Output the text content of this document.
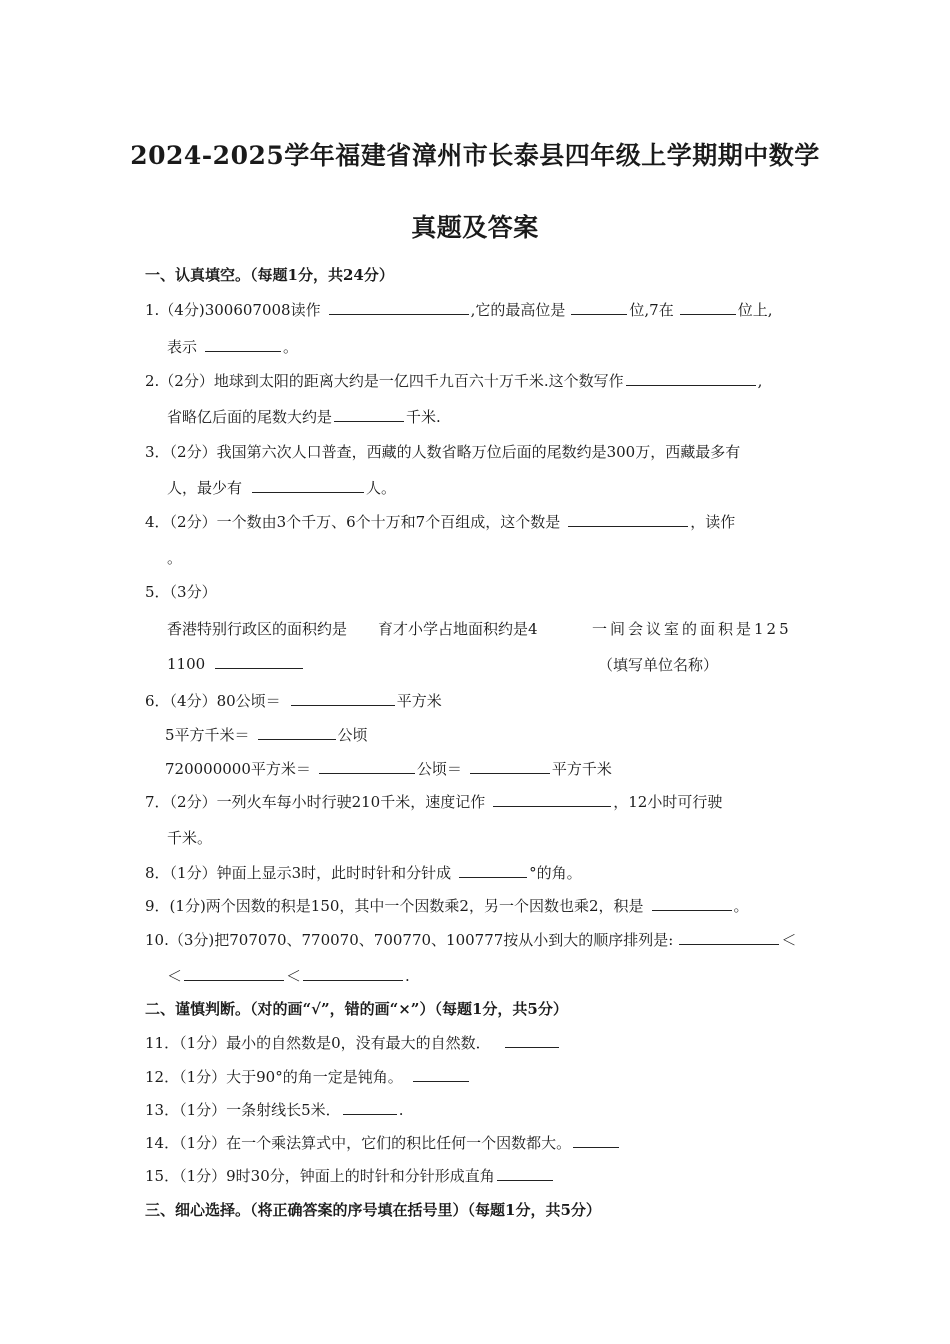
2024-2025学年福建省漳州市长泰县四年级上学期期中数学
真题及答案
一、认真填空。（每题1分，共24分）
1.（4分)300607008读作	,它的最高位是	位,7在	位上,
表示	。
2.（2分）地球到太阳的距离大约是一亿四千九百六十万千米.这个数写作	,
省略亿后面的尾数大约是	千米.
3．（2分）我国第六次人口普查，西藏的人数省略万位后面的尾数约是300万，西藏最多有
人，最少有	人。
4．（2分）一个数由3个千万、6个十万和7个百组成，这个数是	，读作
。
5．（3分）
香港特别行政区的面积约是 育才小学占地面积约是4	一间会议室的面积是125
1100	（填写单位名称）
6．（4分）80公顷＝	平方米
5平方千米＝	公顷
720000000平方米＝	公顷＝	平方千米
7．（2分）一列火车每小时行驶210千米，速度记作	，12小时可行驶
千米。
8．（1分）钟面上显示3时，此时时针和分针成	°的角。
9．(1分)两个因数的积是150，其中一个因数乘2，另一个因数也乘2，积是	。
10.（3分)把707070、770070、700770、100777按从小到大的顺序排列是:	＜
＜	＜	.
二、谨慎判断。（对的画“√”，错的画“×”）（每题1分，共5分）
11．（1分）最小的自然数是0，没有最大的自然数．
12．（1分）大于90°的角一定是钝角。
13．（1分）一条射线长5米．	.
14．（1分）在一个乘法算式中，它们的积比任何一个因数都大。
15．（1分）9时30分，钟面上的时针和分针形成直角
三、细心选择。（将正确答案的序号填在括号里）（每题1分，共5分）
